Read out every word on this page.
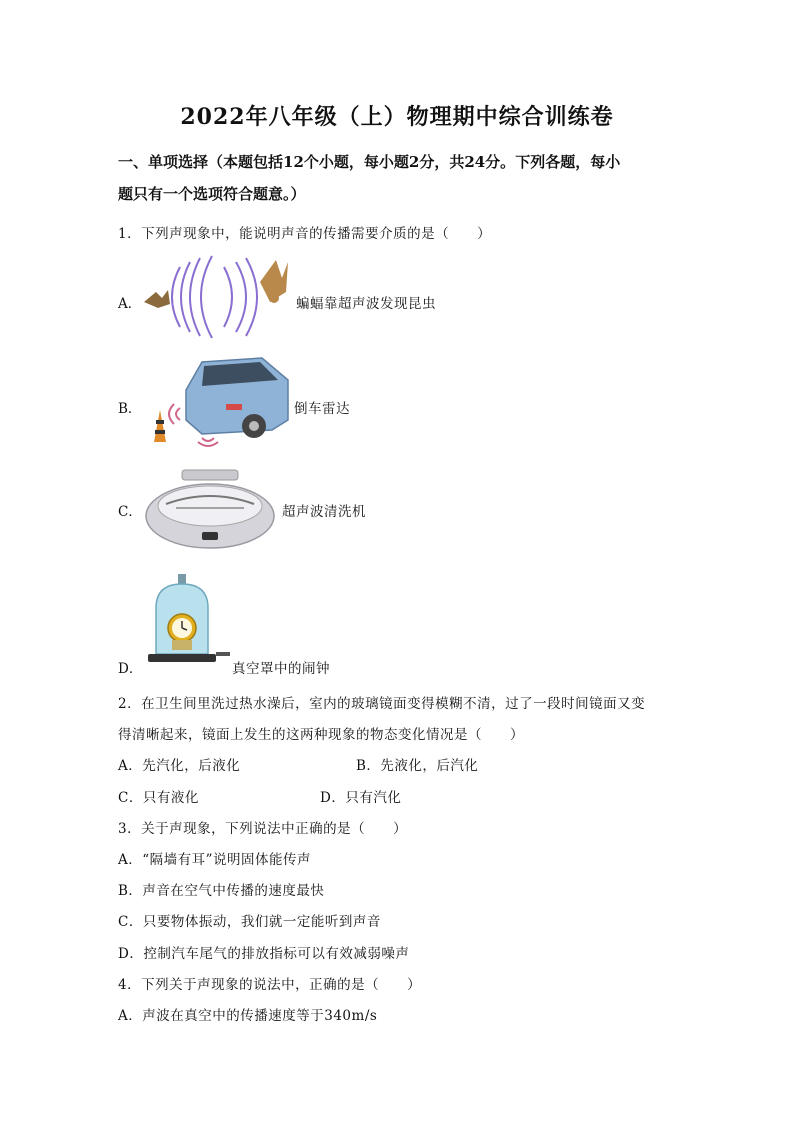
2022年八年级（上）物理期中综合训练卷
一、单项选择（本题包括12个小题，每小题2分，共24分。下列各题，每小
题只有一个选项符合题意。）
1．下列声现象中，能说明声音的传播需要介质的是（　　）
A．	蝙蝠靠超声波发现昆虫
B．	倒车雷达
C．	超声波清洗机
D．	真空罩中的闹钟
2．在卫生间里洗过热水澡后，室内的玻璃镜面变得模糊不清，过了一段时间镜面又变
得清晰起来，镜面上发生的这两种现象的物态变化情况是（　　）
A．先汽化，后液化	B．先液化，后汽化
C．只有液化	D．只有汽化
3．关于声现象，下列说法中正确的是（　　）
A．“隔墙有耳”说明固体能传声
B．声音在空气中传播的速度最快
C．只要物体振动，我们就一定能听到声音
D．控制汽车尾气的排放指标可以有效减弱噪声
4．下列关于声现象的说法中，正确的是（　　）
A．声波在真空中的传播速度等于340m/s
